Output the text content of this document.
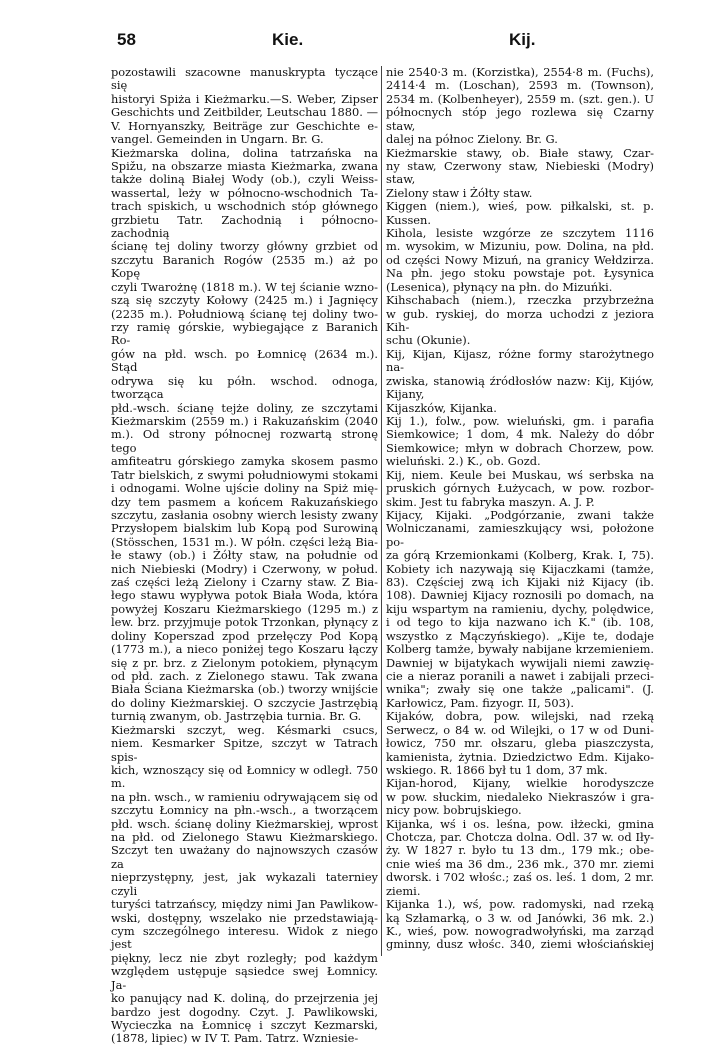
58	Kie.	Kij.

pozostawili szacowne manuskrypta tyczące się

historyi Spiża i Kieżmarku.—S. Weber, Zipser

Geschichts und Zeitbilder, Leutschau 1880. —

V. Hornyanszky, Beiträge zur Geschichte e-

vangel. Gemeinden in Ungarn. Br. G.

Kieżmarska dolina, dolina tatrzańska na

Spižu, na obszarze miasta Kieżmarka, zwana

także doliną Białej Wody (ob.), czyli Weiss-

wassertal, leży w północno-wschodnich Ta-

trach spiskich, u wschodnich stóp głównego

grzbietu Tatr. Zachodnią i północno-zachodnią

ścianę tej doliny tworzy główny grzbiet od

szczytu Baranich Rogów (2535 m.) aż po Kopę

czyli Twarożnę (1818 m.). W tej ścianie wzno-

szą się szczyty Kołowy (2425 m.) i Jagnięcy

(2235 m.). Południową ścianę tej doliny two-

rzy ramię górskie, wybiegające z Baranich Ro-

gów na płd. wsch. po Łomnicę (2634 m.). Stąd

odrywa się ku półn. wschod. odnoga, tworząca

płd.-wsch. ścianę tejże doliny, ze szczytami

Kieżmarskim (2559 m.) i Rakuzańskim (2040

m.). Od strony północnej rozwartą stronę tego

amfiteatru górskiego zamyka skosem pasmo

Tatr bielskich, z swymi południowymi stokami

i odnogami. Wolne ujście doliny na Spiż mię-

dzy tem pasmem a końcem Rakuzańskiego

szczytu, zasłania osobny wierch lesisty zwany

Przysłopem bialskim lub Kopą pod Surowiną

(Stösschen, 1531 m.). W półn. części leżą Bia-

łe stawy (ob.) i Żółty staw, na południe od

nich Niebieski (Modry) i Czerwony, w połud.

zaś części leżą Zielony i Czarny staw. Z Bia-

łego stawu wypływa potok Biała Woda, która

powyżej Koszaru Kieżmarskiego (1295 m.) z

lew. brz. przyjmuje potok Trzonkan, płynący z

doliny Koperszad zpod przełęczy Pod Kopą

(1773 m.), a nieco poniżej tego Koszaru łączy

się z pr. brz. z Zielonym potokiem, płynącym

od płd. zach. z Zielonego stawu. Tak zwana

Biała Ściana Kieżmarska (ob.) tworzy wnijście

do doliny Kieżmarskiej. O szczycie Jastrzębią

turnią zwanym, ob. Jastrzębia turnia. Br. G.

Kieżmarski szczyt, weg. Késmarki csucs,

niem. Kesmarker Spitze, szczyt w Tatrach spis-

kich, wznoszący się od Łomnicy w odległ. 750 m.

na płn. wsch., w ramieniu odrywającem się od

szczytu Łomnicy na płn.-wsch., a tworzącem

płd. wsch. ścianę doliny Kieżmarskiej, wprost

na płd. od Zielonego Stawu Kieżmarskiego.

Szczyt ten uważany do najnowszych czasów za

nieprzystępny, jest, jak wykazali taterniey czyli

turyści tatrzańscy, między nimi Jan Pawlikow-

wski, dostępny, wszelako nie przedstawiają-

cym szczególnego interesu. Widok z niego jest

piękny, lecz nie zbyt rozległy; pod każdym

względem ustępuje sąsiedce swej Łomnicy. Ja-

ko panujący nad K. doliną, do przejrzenia jej

bardzo jest dogodny. Czyt. J. Pawlikowski,

Wycieczka na Łomnicę i szczyt Kezmarski,

(1878, lipiec) w IV T. Pam. Tatrz. Wzniesie-

nie 2540·3 m. (Korzistka), 2554·8 m. (Fuchs),

2414·4 m. (Loschan), 2593 m. (Townson),

2534 m. (Kolbenheyer), 2559 m. (szt. gen.). U

północnych stóp jego rozlewa się Czarny staw,

dalej na północ Zielony. Br. G.

Kieżmarskie stawy, ob. Białe stawy, Czar-

ny staw, Czerwony staw, Niebieski (Modry) staw,

Zielony staw i Żółty staw.

Kiggen (niem.), wieś, pow. piłkalski, st. p.

Kussen.

Kihola, lesiste wzgórze ze szczytem 1116

m. wysokim, w Mizuniu, pow. Dolina, na płd.

od części Nowy Mizuń, na granicy Wełdzirza.

Na płn. jego stoku powstaje pot. Łysynica

(Lesenica), płynący na płn. do Mizuńki.

Kihschabach (niem.), rzeczka przybrzeżna

w gub. ryskiej, do morza uchodzi z jeziora Kih-

schu (Okunie).

Kij, Kijan, Kijasz, różne formy starożytnego na-

zwiska, stanowią źródłosłów nazw: Kij, Kijów, Kijany,

Kijaszków, Kijanka.

Kij 1.), folw., pow. wieluński, gm. i parafia

Siemkowice; 1 dom, 4 mk. Należy do dóbr

Siemkowice; młyn w dobrach Chorzew, pow.

wieluński. 2.) K., ob. Gozd.

Kij, niem. Keule bei Muskau, wś serbska na

pruskich górnych Łużycach, w pow. rozbor-

skim. Jest tu fabryka maszyn. A. J. P.

Kijacy, Kijaki. „Podgórzanie, zwani także

Wolniczanami, zamieszkujący wsi, położone po-

za górą Krzemionkami (Kolberg, Krak. I, 75).

Kobiety ich nazywają się Kijaczkami (tamże,

83). Częściej zwą ich Kijaki niż Kijacy (ib.

108). Dawniej Kijacy roznosili po domach, na

kiju wspartym na ramieniu, dychy, polędwice,

i od tego to kija nazwano ich K." (ib. 108,

wszystko z Mączyńskiego). „Kije te, dodaje

Kolberg tamże, bywały nabijane krzemieniem.

Dawniej w bijatykach wywijali niemi zawzię-

cie a nieraz poranili a nawet i zabijali przeci-

wnika"; zwały się one także „palicami". (J.

Karłowicz, Pam. fizyogr. II, 503).

Kijaków, dobra, pow. wilejski, nad rzeką

Serwecz, o 84 w. od Wilejki, o 17 w od Duni-

łowicz, 750 mr. ołszaru, gleba piaszczysta,

kamienista, żytnia. Dziedzictwo Edm. Kijako-

wskiego. R. 1866 był tu 1 dom, 37 mk.

Kijan-horod, Kijany, wielkie horodyszcze

w pow. słuckim, niedaleko Niekraszów i gra-

nicy pow. bobrujskiego.

Kijanka, wś i os. leśna, pow. iłżecki, gmina

Chotcza, par. Chotcza dolna. Odl. 37 w. od Iły-

ży. W 1827 r. było tu 13 dm., 179 mk.; obe-

cnie wieś ma 36 dm., 236 mk., 370 mr. ziemi

dworsk. i 702 włośc.; zaś os. leś. 1 dom, 2 mr.

ziemi.

Kijanka 1.), wś, pow. radomyski, nad rzeką

ką Szłamarką, o 3 w. od Janówki, 36 mk. 2.)

K., wieś, pow. nowogradwołyński, ma zarząd

gminny, dusz włośc. 340, ziemi włościańskiej
